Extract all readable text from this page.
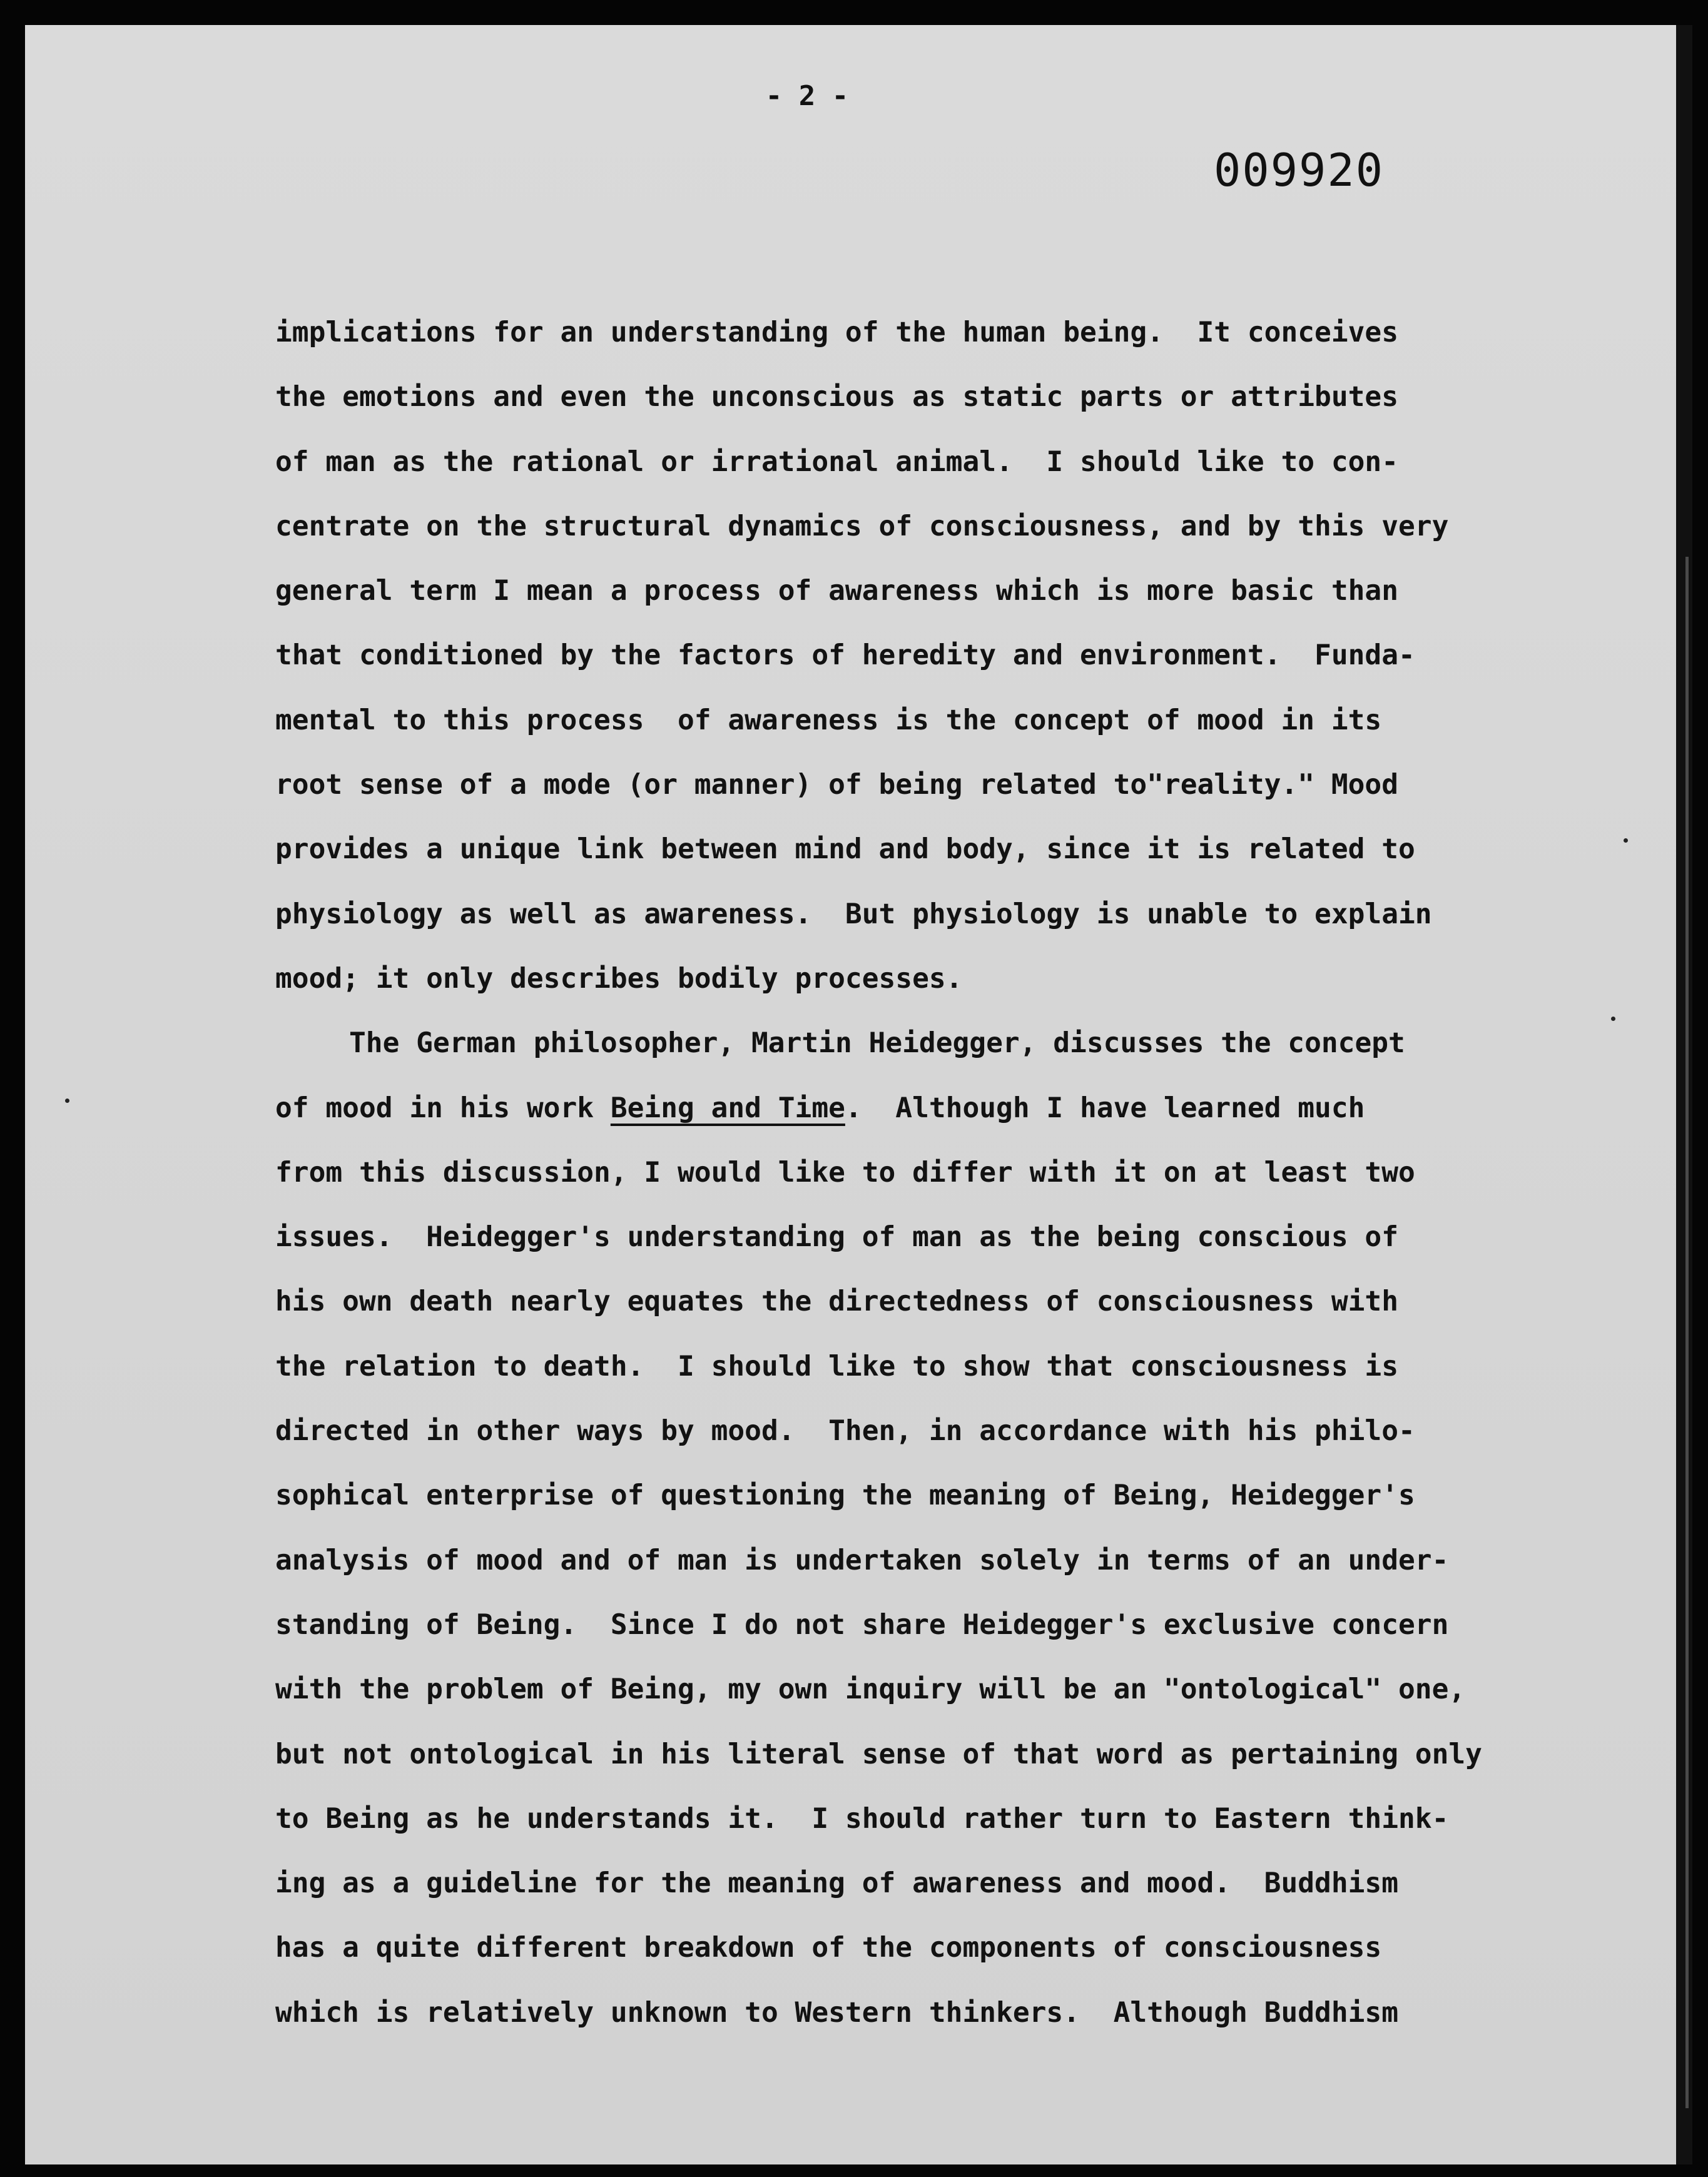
- 2 -
009920
implications for an understanding of the human being.  It conceives
the emotions and even the unconscious as static parts or attributes
of man as the rational or irrational animal.  I should like to con-
centrate on the structural dynamics of consciousness, and by this very
general term I mean a process of awareness which is more basic than
that conditioned by the factors of heredity and environment.  Funda-
mental to this process  of awareness is the concept of mood in its
root sense of a mode (or manner) of being related to"reality." Mood
provides a unique link between mind and body, since it is related to
physiology as well as awareness.  But physiology is unable to explain
mood; it only describes bodily processes.
The German philosopher, Martin Heidegger, discusses the concept
of mood in his work Being and Time.  Although I have learned much
from this discussion, I would like to differ with it on at least two
issues.  Heidegger's understanding of man as the being conscious of
his own death nearly equates the directedness of consciousness with
the relation to death.  I should like to show that consciousness is
directed in other ways by mood.  Then, in accordance with his philo-
sophical enterprise of questioning the meaning of Being, Heidegger's
analysis of mood and of man is undertaken solely in terms of an under-
standing of Being.  Since I do not share Heidegger's exclusive concern
with the problem of Being, my own inquiry will be an "ontological" one,
but not ontological in his literal sense of that word as pertaining only
to Being as he understands it.  I should rather turn to Eastern think-
ing as a guideline for the meaning of awareness and mood.  Buddhism
has a quite different breakdown of the components of consciousness
which is relatively unknown to Western thinkers.  Although Buddhism
